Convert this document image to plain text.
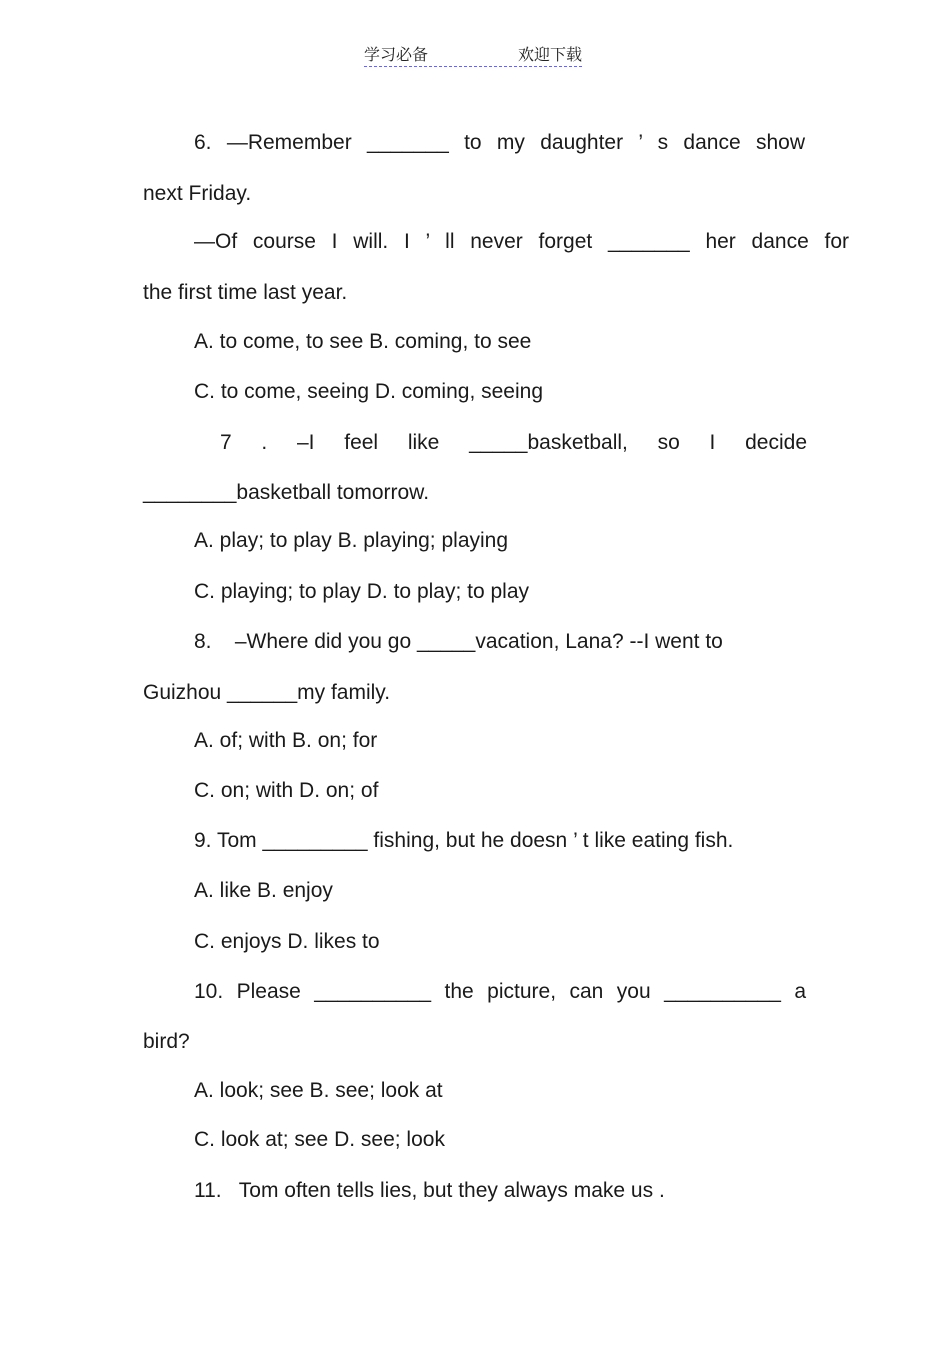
学习必备	欢迎下载
6. —Remember _______ to my daughter ’ s dance show
next Friday.
—Of course I will. I ’ ll never forget _______ her dance for
the first time last year.
A. to come, to see B. coming, to see
C. to come, seeing D. coming, seeing
7 . –I feel like _____basketball, so I decide
________basketball tomorrow.
A. play; to play B. playing; playing
C. playing; to play D. to play; to play
8.    –Where did you go _____vacation, Lana? --I went to
Guizhou ______my family.
A. of; with B. on; for
C. on; with D. on; of
9. Tom _________ fishing, but he doesn ’ t like eating fish.
A. like B. enjoy
C. enjoys D. likes to
10. Please __________ the picture, can you __________ a
bird?
A. look; see B. see; look at
C. look at; see D. see; look
11.   Tom often tells lies, but they always make us .
